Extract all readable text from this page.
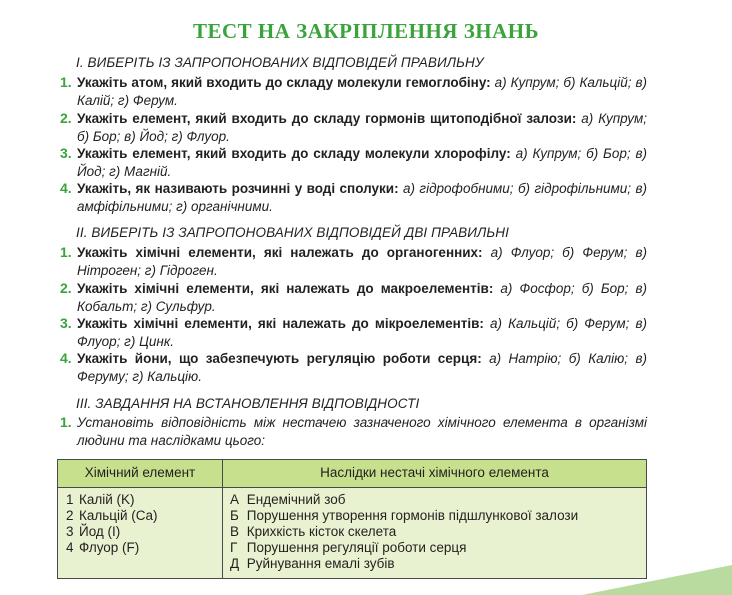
ТЕСТ НА ЗАКРІПЛЕННЯ ЗНАНЬ
І. ВИБЕРІТЬ ІЗ ЗАПРОПОНОВАНИХ ВІДПОВІДЕЙ ПРАВИЛЬНУ
1. Укажіть атом, який входить до складу молекули гемоглобіну: а) Купрум; б) Кальцій; в) Калій; г) Ферум.
2. Укажіть елемент, який входить до складу гормонів щитоподібної залози: а) Купрум; б) Бор; в) Йод; г) Флуор.
3. Укажіть елемент, який входить до складу молекули хлорофілу: а) Купрум; б) Бор; в) Йод; г) Магній.
4. Укажіть, як називають розчинні у воді сполуки: а) гідрофобними; б) гідрофільними; в) амфіфільними; г) органічними.
ІІ. ВИБЕРІТЬ ІЗ ЗАПРОПОНОВАНИХ ВІДПОВІДЕЙ ДВІ ПРАВИЛЬНІ
1. Укажіть хімічні елементи, які належать до органогенних: а) Флуор; б) Ферум; в) Нітроген; г) Гідроген.
2. Укажіть хімічні елементи, які належать до макроелементів: а) Фосфор; б) Бор; в) Кобальт; г) Сульфур.
3. Укажіть хімічні елементи, які належать до мікроелементів: а) Кальцій; б) Ферум; в) Флуор; г) Цинк.
4. Укажіть йони, що забезпечують регуляцію роботи серця: а) Натрію; б) Калію; в) Феруму; г) Кальцію.
ІІІ. ЗАВДАННЯ НА ВСТАНОВЛЕННЯ ВІДПОВІДНОСТІ
1. Установіть відповідність між нестачею зазначеного хімічного елемента в організмі людини та наслідками цього:
Хімічний елемент	Наслідки нестачі хімічного елемента
1 Калій (K)
2 Кальцій (Ca)
3 Йод (I)
4 Флуор (F)
А Ендемічний зоб
Б Порушення утворення гормонів підшлункової залози
В Крихкість кісток скелета
Г Порушення регуляції роботи серця
Д Руйнування емалі зубів
